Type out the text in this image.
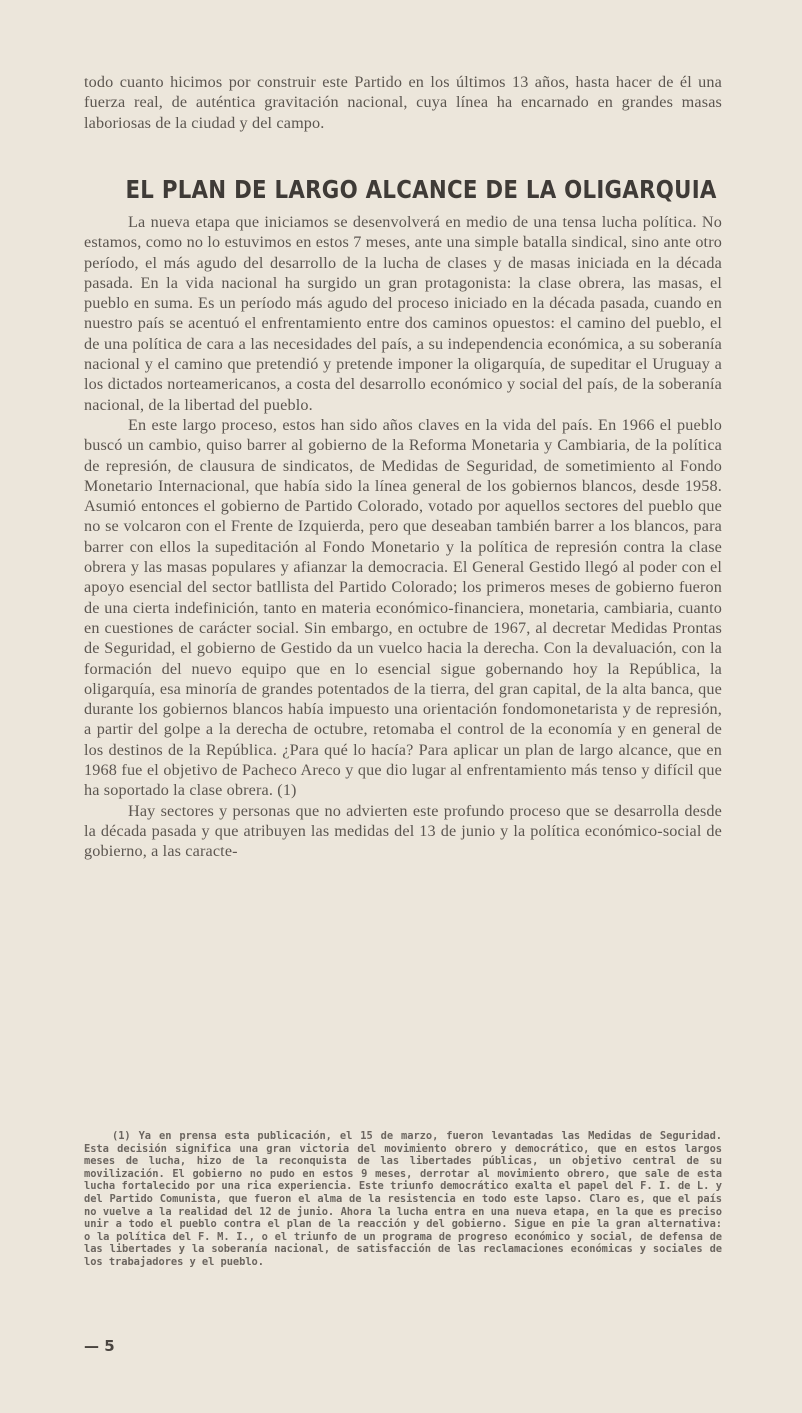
todo cuanto hicimos por construir este Partido en los últimos 13 años, hasta hacer de él una fuerza real, de auténtica gravitación nacional, cuya línea ha encarnado en grandes masas laboriosas de la ciudad y del campo.

EL PLAN DE LARGO ALCANCE DE LA OLIGARQUIA

La nueva etapa que iniciamos se desenvolverá en medio de una tensa lucha política. No estamos, como no lo estuvimos en estos 7 meses, ante una simple batalla sindical, sino ante otro período, el más agudo del desarrollo de la lucha de clases y de masas iniciada en la década pasada. En la vida nacional ha surgido un gran protagonista: la clase obrera, las masas, el pueblo en suma. Es un período más agudo del proceso iniciado en la década pasada, cuando en nuestro país se acentuó el enfrentamiento entre dos caminos opuestos: el camino del pueblo, el de una política de cara a las necesidades del país, a su independencia económica, a su soberanía nacional y el camino que pretendió y pretende imponer la oligarquía, de supeditar el Uruguay a los dictados norteamericanos, a costa del desarrollo económico y social del país, de la soberanía nacional, de la libertad del pueblo.

En este largo proceso, estos han sido años claves en la vida del país. En 1966 el pueblo buscó un cambio, quiso barrer al gobierno de la Reforma Monetaria y Cambiaria, de la política de represión, de clausura de sindicatos, de Medidas de Seguridad, de sometimiento al Fondo Monetario Internacional, que había sido la línea general de los gobiernos blancos, desde 1958. Asumió entonces el gobierno de Partido Colorado, votado por aquellos sectores del pueblo que no se volcaron con el Frente de Izquierda, pero que deseaban también barrer a los blancos, para barrer con ellos la supeditación al Fondo Monetario y la política de represión contra la clase obrera y las masas populares y afianzar la democracia. El General Gestido llegó al poder con el apoyo esencial del sector batllista del Partido Colorado; los primeros meses de gobierno fueron de una cierta indefinición, tanto en materia económico-financiera, monetaria, cambiaria, cuanto en cuestiones de carácter social. Sin embargo, en octubre de 1967, al decretar Medidas Prontas de Seguridad, el gobierno de Gestido da un vuelco hacia la derecha. Con la devaluación, con la formación del nuevo equipo que en lo esencial sigue gobernando hoy la República, la oligarquía, esa minoría de grandes potentados de la tierra, del gran capital, de la alta banca, que durante los gobiernos blancos había impuesto una orientación fondomonetarista y de represión, a partir del golpe a la derecha de octubre, retomaba el control de la economía y en general de los destinos de la República. ¿Para qué lo hacía? Para aplicar un plan de largo alcance, que en 1968 fue el objetivo de Pacheco Areco y que dio lugar al enfrentamiento más tenso y difícil que ha soportado la clase obrera. (1)

Hay sectores y personas que no advierten este profundo proceso que se desarrolla desde la década pasada y que atribuyen las medidas del 13 de junio y la política económico-social de gobierno, a las caracte-

(1) Ya en prensa esta publicación, el 15 de marzo, fueron levantadas las Medidas de Seguridad. Esta decisión significa una gran victoria del movimiento obrero y democrático, que en estos largos meses de lucha, hizo de la reconquista de las libertades públicas, un objetivo central de su movilización. El gobierno no pudo en estos 9 meses, derrotar al movimiento obrero, que sale de esta lucha fortalecido por una rica experiencia. Este triunfo democrático exalta el papel del F. I. de L. y del Partido Comunista, que fueron el alma de la resistencia en todo este lapso. Claro es, que el país no vuelve a la realidad del 12 de junio. Ahora la lucha entra en una nueva etapa, en la que es preciso unir a todo el pueblo contra el plan de la reacción y del gobierno. Sigue en pie la gran alternativa: o la política del F. M. I., o el triunfo de un programa de progreso económico y social, de defensa de las libertades y la soberanía nacional, de satisfacción de las reclamaciones económicas y sociales de los trabajadores y el pueblo.

— 5
